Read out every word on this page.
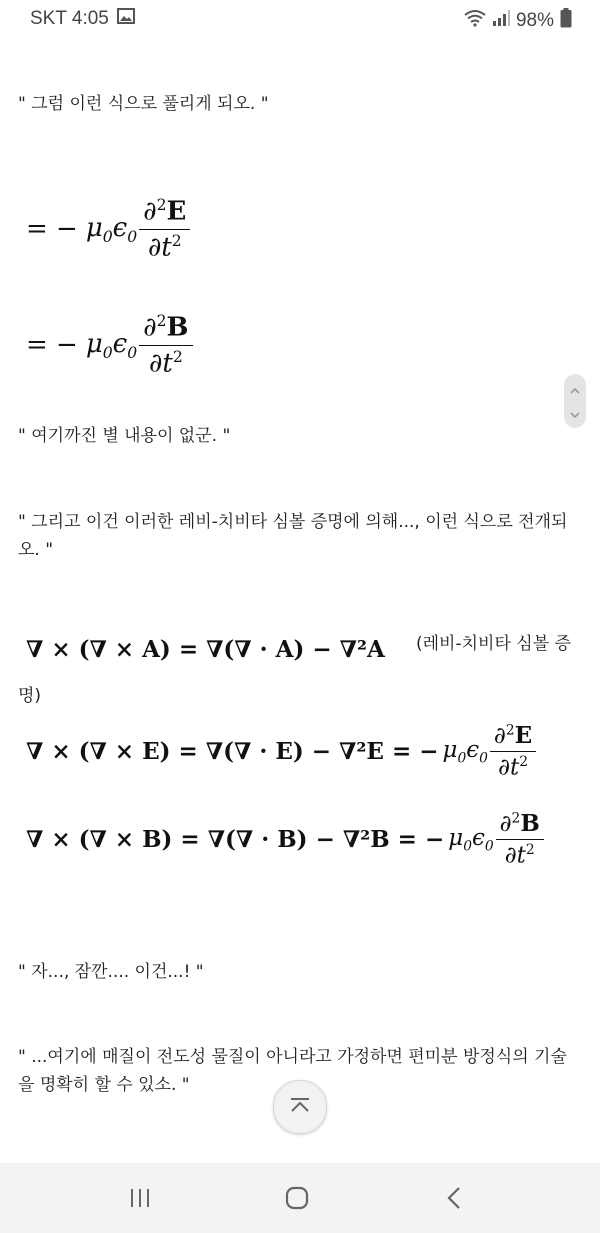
SKT 4:05	98%
" 그럼 이런 식으로 풀리게 되오. "
= − $\mu_0$ $\epsilon_0 \frac{\partial^2E}{\partial t^2}$
= − $\mu_0$ $\epsilon_0 \frac{\partial^2B}{\partial t^2}$
" 여기까진 별 내용이 없군. "
" 그리고 이건 이러한 레비-치비타 심볼 증명에 의해..., 이런 식으로 전개되오. "
∇ × (∇ × A) = ∇(∇ · A) − ∇²A (레비-치비타 심볼 증
명)
∇ × (∇ × E) = ∇(∇ · E) − ∇²E = − $\mu_0$ $\epsilon_0 \frac{\partial^2E}{\partial t^2}$
∇ × (∇ × B) = ∇(∇ · B) − ∇²B = − $\mu_0$ $\epsilon_0 \frac{\partial^2B}{\partial t^2}$
" 자..., 잠깐.... 이건...! "
" ...여기에 매질이 전도성 물질이 아니라고 가정하면 편미분 방정식의 기술을 명확히 할 수 있소. "
